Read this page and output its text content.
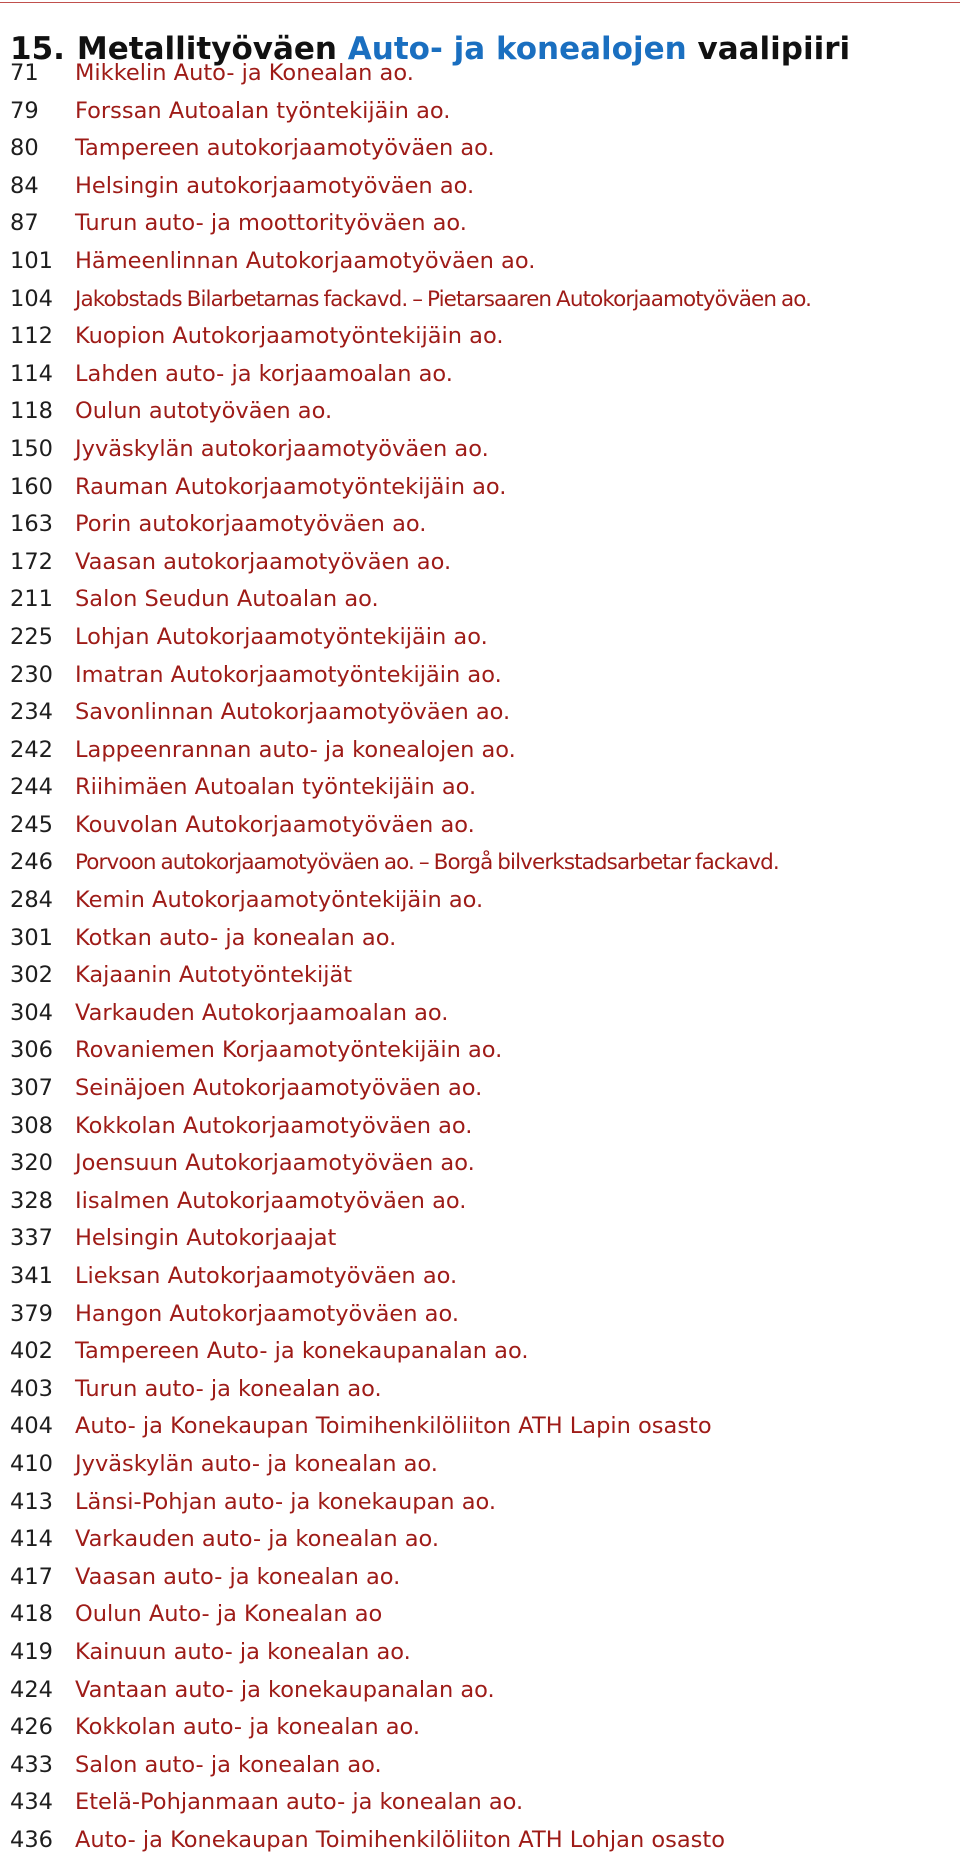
15. Metallityöväen Auto- ja konealojen vaalipiiri
71	Mikkelin Auto- ja Konealan ao.
79	Forssan Autoalan työntekijäin ao.
80	Tampereen autokorjaamotyöväen ao.
84	Helsingin autokorjaamotyöväen ao.
87	Turun auto- ja moottorityöväen ao.
101 Hämeenlinnan Autokorjaamotyöväen ao.
104	Jakobstads Bilarbetarnas fackavd. – Pietarsaaren Autokorjaamotyöväen ao.
112 Kuopion Autokorjaamotyöntekijäin ao.
114 Lahden auto- ja korjaamoalan ao.
118 Oulun autotyöväen ao.
150 Jyväskylän autokorjaamotyöväen ao.
160 Rauman Autokorjaamotyöntekijäin ao.
163 Porin autokorjaamotyöväen ao.
172 Vaasan autokorjaamotyöväen ao.
211 Salon Seudun Autoalan ao.
225 Lohjan Autokorjaamotyöntekijäin ao.
230 Imatran Autokorjaamotyöntekijäin ao.
234 Savonlinnan Autokorjaamotyöväen ao.
242 Lappeenrannan auto- ja konealojen ao.
244 Riihimäen Autoalan työntekijäin ao.
245 Kouvolan Autokorjaamotyöväen ao.
246	Porvoon autokorjaamotyöväen ao. – Borgå bilverkstadsarbetar fackavd.
284 Kemin Autokorjaamotyöntekijäin ao.
301 Kotkan auto- ja konealan ao.
302 Kajaanin Autotyöntekijät
304 Varkauden Autokorjaamoalan ao.
306 Rovaniemen Korjaamotyöntekijäin ao.
307 Seinäjoen Autokorjaamotyöväen ao.
308 Kokkolan Autokorjaamotyöväen ao.
320 Joensuun Autokorjaamotyöväen ao.
328 Iisalmen Autokorjaamotyöväen ao.
337 Helsingin Autokorjaajat
341 Lieksan Autokorjaamotyöväen ao.
379 Hangon Autokorjaamotyöväen ao.
402 Tampereen Auto- ja konekaupanalan ao.
403 Turun auto- ja konealan ao.
404 Auto- ja Konekaupan Toimihenkilöliiton ATH Lapin osasto
410 Jyväskylän auto- ja konealan ao.
413 Länsi-Pohjan auto- ja konekaupan ao.
414 Varkauden auto- ja konealan ao.
417 Vaasan auto- ja konealan ao.
418 Oulun Auto- ja Konealan ao
419 Kainuun auto- ja konealan ao.
424 Vantaan auto- ja konekaupanalan ao.
426 Kokkolan auto- ja konealan ao.
433 Salon auto- ja konealan ao.
434 Etelä-Pohjanmaan auto- ja konealan ao.
436 Auto- ja Konekaupan Toimihenkilöliiton ATH Lohjan osasto
